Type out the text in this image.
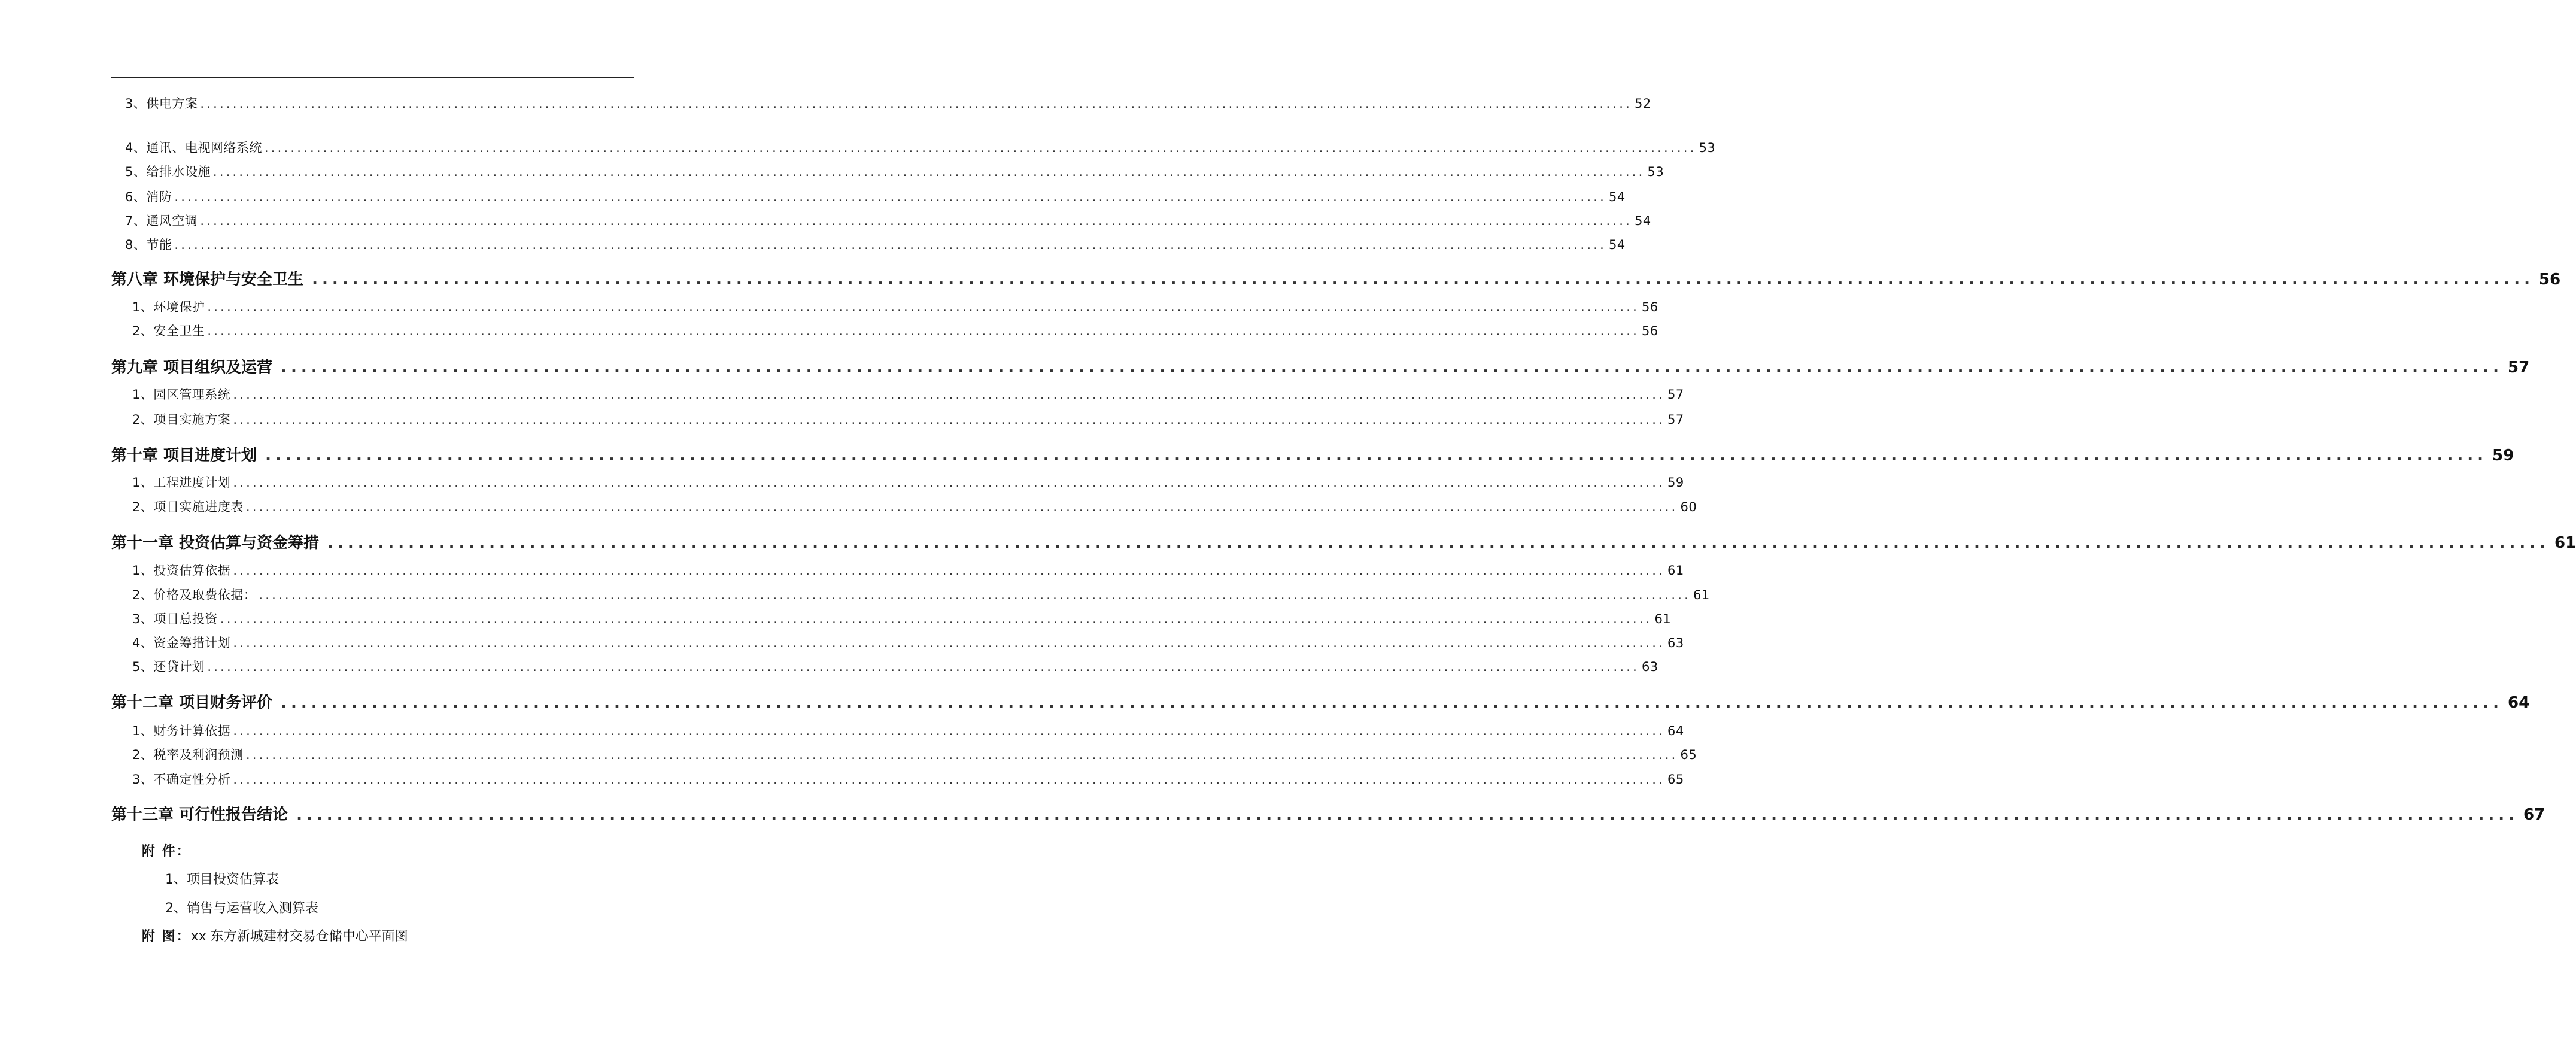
3、供电方案 ............................................................................................................................................................................................................................ 52
4、通讯、电视网络系统 ............................................................................................................................................................................................................................ 53
5、给排水设施 ............................................................................................................................................................................................................................ 53
6、消防 ............................................................................................................................................................................................................................ 54
7、通风空调 ............................................................................................................................................................................................................................ 54
8、节能 ............................................................................................................................................................................................................................ 54
第八章 环境保护与安全卫生 ............................................................................................................................................................................................................................ 56
1、环境保护 ............................................................................................................................................................................................................................ 56
2、安全卫生 ............................................................................................................................................................................................................................ 56
第九章 项目组织及运营 ............................................................................................................................................................................................................................ 57
1、园区管理系统 ............................................................................................................................................................................................................................ 57
2、项目实施方案 ............................................................................................................................................................................................................................ 57
第十章 项目进度计划 ............................................................................................................................................................................................................................ 59
1、工程进度计划 ............................................................................................................................................................................................................................ 59
2、项目实施进度表 ............................................................................................................................................................................................................................ 60
第十一章 投资估算与资金筹措 ............................................................................................................................................................................................................................ 61
1、投资估算依据 ............................................................................................................................................................................................................................ 61
2、价格及取费依据： ............................................................................................................................................................................................................................ 61
3、项目总投资 ............................................................................................................................................................................................................................ 61
4、资金筹措计划 ............................................................................................................................................................................................................................ 63
5、还贷计划 ............................................................................................................................................................................................................................ 63
第十二章 项目财务评价 ............................................................................................................................................................................................................................ 64
1、财务计算依据 ............................................................................................................................................................................................................................ 64
2、税率及利润预测 ............................................................................................................................................................................................................................ 65
3、不确定性分析 ............................................................................................................................................................................................................................ 65
第十三章 可行性报告结论 ............................................................................................................................................................................................................................ 67
附 件：
1、项目投资估算表
2、销售与运营收入测算表
附 图：xx 东方新城建材交易仓储中心平面图
